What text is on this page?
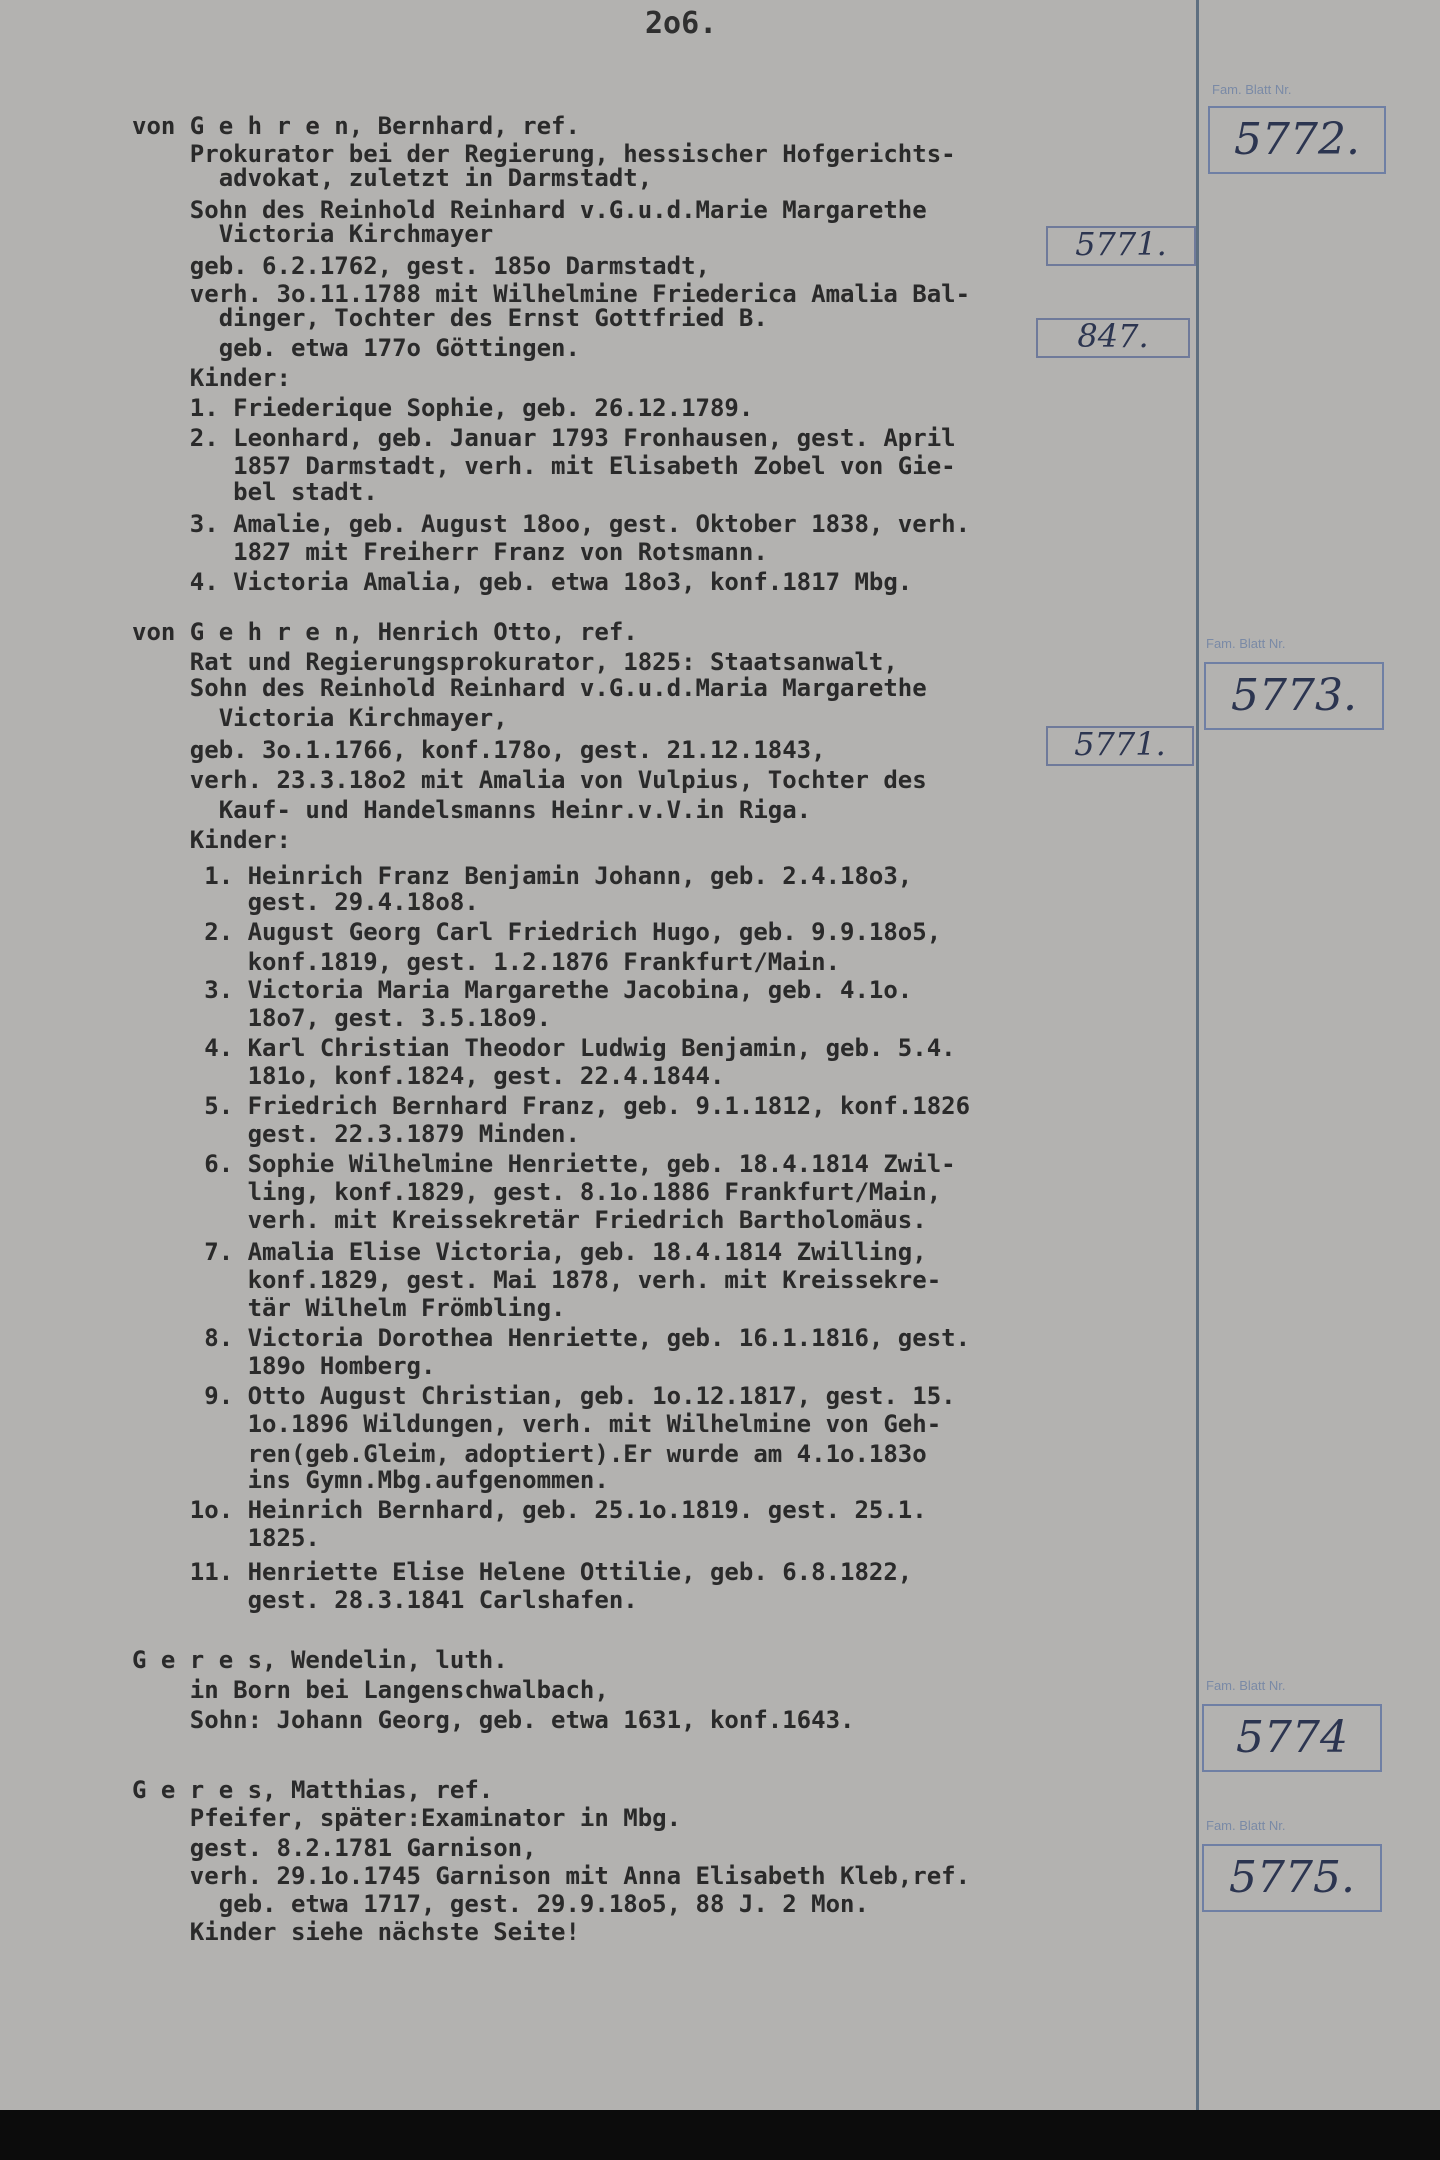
2o6.
von G e h r e n, Bernhard, ref.
Prokurator bei der Regierung, hessischer Hofgerichts-
advokat, zuletzt in Darmstadt,
Sohn des Reinhold Reinhard v.G.u.d.Marie Margarethe
Victoria Kirchmayer
geb. 6.2.1762, gest. 185o Darmstadt,
verh. 3o.11.1788 mit Wilhelmine Friederica Amalia Bal-
dinger, Tochter des Ernst Gottfried B.
geb. etwa 177o Göttingen.
Kinder:
1. Friederique Sophie, geb. 26.12.1789.
2. Leonhard, geb. Januar 1793 Fronhausen, gest. April
1857 Darmstadt, verh. mit Elisabeth Zobel von Gie-
bel stadt.
3. Amalie, geb. August 18oo, gest. Oktober 1838, verh.
1827 mit Freiherr Franz von Rotsmann.
4. Victoria Amalia, geb. etwa 18o3, konf.1817 Mbg.
von G e h r e n, Henrich Otto, ref.
Rat und Regierungsprokurator, 1825: Staatsanwalt,
Sohn des Reinhold Reinhard v.G.u.d.Maria Margarethe
Victoria Kirchmayer,
geb. 3o.1.1766, konf.178o, gest. 21.12.1843,
verh. 23.3.18o2 mit Amalia von Vulpius, Tochter des
Kauf- und Handelsmanns Heinr.v.V.in Riga.
Kinder:
1. Heinrich Franz Benjamin Johann, geb. 2.4.18o3,
gest. 29.4.18o8.
2. August Georg Carl Friedrich Hugo, geb. 9.9.18o5,
konf.1819, gest. 1.2.1876 Frankfurt/Main.
3. Victoria Maria Margarethe Jacobina, geb. 4.1o.
18o7, gest. 3.5.18o9.
4. Karl Christian Theodor Ludwig Benjamin, geb. 5.4.
181o, konf.1824, gest. 22.4.1844.
5. Friedrich Bernhard Franz, geb. 9.1.1812, konf.1826
gest. 22.3.1879 Minden.
6. Sophie Wilhelmine Henriette, geb. 18.4.1814 Zwil-
ling, konf.1829, gest. 8.1o.1886 Frankfurt/Main,
verh. mit Kreissekretär Friedrich Bartholomäus.
7. Amalia Elise Victoria, geb. 18.4.1814 Zwilling,
konf.1829, gest. Mai 1878, verh. mit Kreissekre-
tär Wilhelm Frömbling.
8. Victoria Dorothea Henriette, geb. 16.1.1816, gest.
189o Homberg.
9. Otto August Christian, geb. 1o.12.1817, gest. 15.
1o.1896 Wildungen, verh. mit Wilhelmine von Geh-
ren(geb.Gleim, adoptiert).Er wurde am 4.1o.183o
ins Gymn.Mbg.aufgenommen.
1o. Heinrich Bernhard, geb. 25.1o.1819. gest. 25.1.
1825.
11. Henriette Elise Helene Ottilie, geb. 6.8.1822,
gest. 28.3.1841 Carlshafen.
G e r e s, Wendelin, luth.
in Born bei Langenschwalbach,
Sohn: Johann Georg, geb. etwa 1631, konf.1643.
G e r e s, Matthias, ref.
Pfeifer, später:Examinator in Mbg.
gest. 8.2.1781 Garnison,
verh. 29.1o.1745 Garnison mit Anna Elisabeth Kleb,ref.
geb. etwa 1717, gest. 29.9.18o5, 88 J. 2 Mon.
Kinder siehe nächste Seite!
Fam. Blatt Nr.
5772.
Fam. Blatt Nr.
5773.
Fam. Blatt Nr.
5774
Fam. Blatt Nr.
5775.
5771.
847.
5771.
